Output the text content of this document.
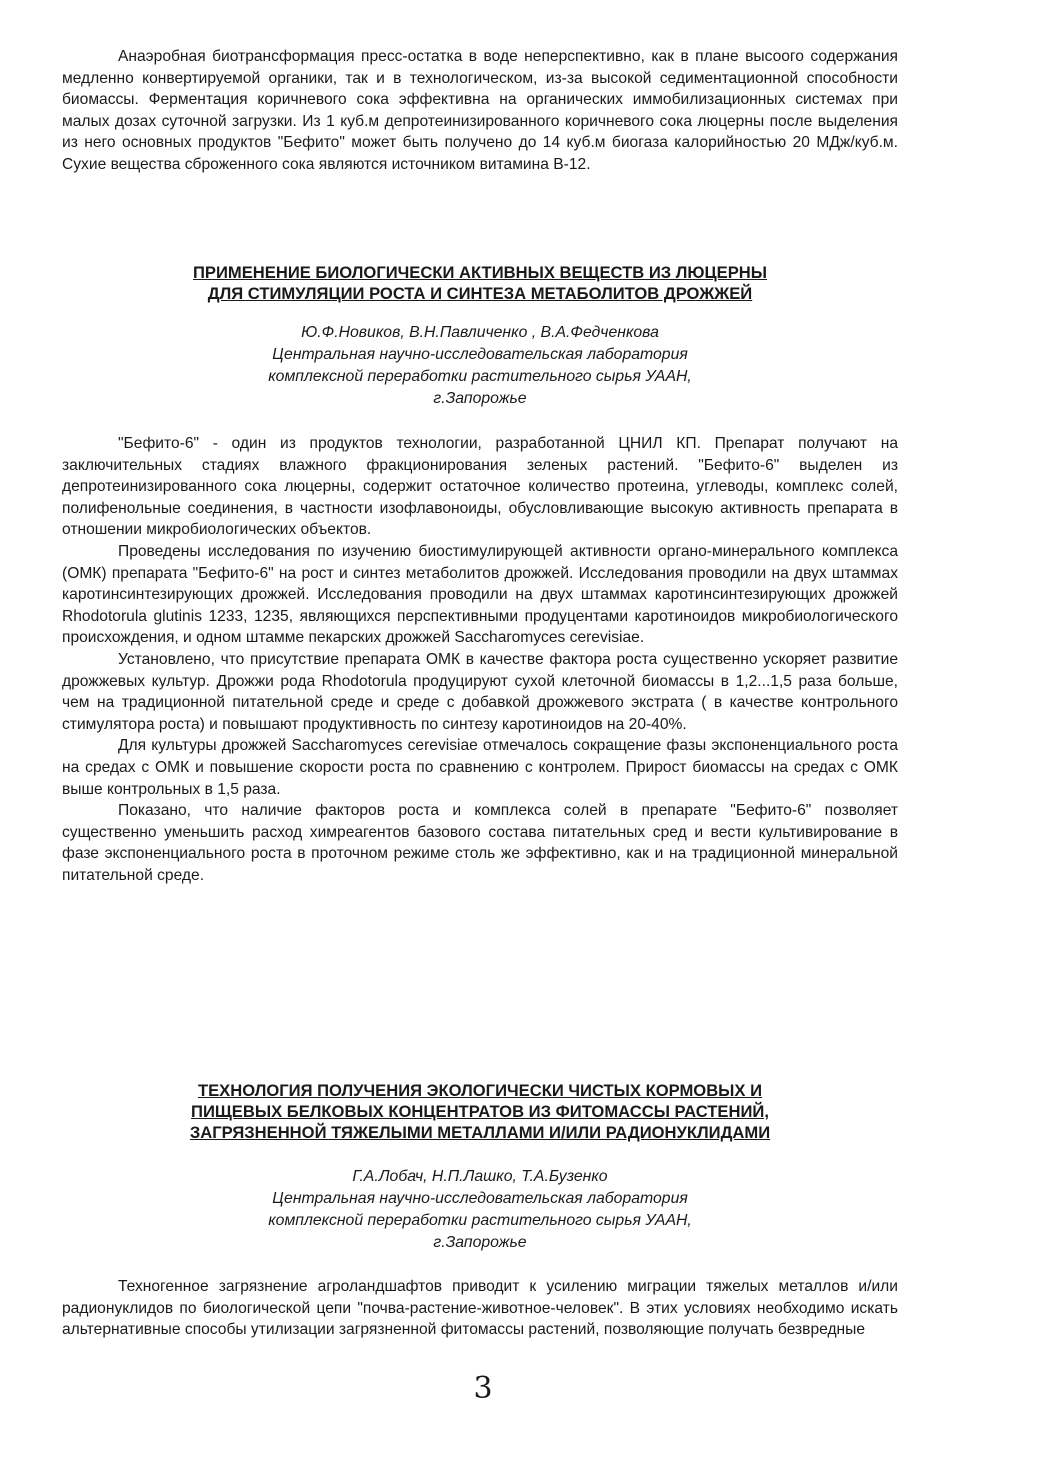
Анаэробная биотрансформация пресс-остатка в воде неперспективно, как в плане высоого содержания медленно конвертируемой органики, так и в технологическом, из-за высокой седиментационной способности биомассы. Ферментация коричневого сока эффективна на органических иммобилизационных системах при малых дозах суточной загрузки. Из 1 куб.м депротеинизированного коричневого сока люцерны после выделения из него основных продуктов "Бефито" может быть получено до 14 куб.м биогаза калорийностью 20 МДж/куб.м. Сухие вещества сброженного сока являются источником витамина В-12.

ПРИМЕНЕНИЕ БИОЛОГИЧЕСКИ АКТИВНЫХ ВЕЩЕСТВ ИЗ ЛЮЦЕРНЫ
ДЛЯ СТИМУЛЯЦИИ РОСТА И СИНТЕЗА МЕТАБОЛИТОВ ДРОЖЖЕЙ
Ю.Ф.Новиков, В.Н.Павличенко , В.А.Федченкова
Центральная научно-исследовательская лаборатория
комплексной переработки растительного сырья УААН,
г.Запорожье

"Бефито-6" - один из продуктов технологии, разработанной ЦНИЛ КП. Препарат получают на заключительных стадиях влажного фракционирования зеленых растений. "Бефито-6" выделен из депротеинизированного сока люцерны, содержит остаточное количество протеина, углеводы, комплекс солей, полифенольные соединения, в частности изофлавоноиды, обусловливающие высокую активность препарата в отношении микробиологических объектов.

Проведены исследования по изучению биостимулирующей активности органо-минерального комплекса (ОМК) препарата "Бефито-6" на рост и синтез метаболитов дрожжей. Исследования проводили на двух штаммах каротинсинтезирующих дрожжей. Исследования проводили на двух штаммах каротинсинтезирующих дрожжей Rhodotorula glutinis 1233, 1235, являющихся перспективными продуцентами каротиноидов микробиологического происхождения, и одном штамме пекарских дрожжей Saccharomyces cerevisiae.

Установлено, что присутствие препарата ОМК в качестве фактора роста существенно ускоряет развитие дрожжевых культур. Дрожжи рода Rhodotorula продуцируют сухой клеточной биомассы в 1,2...1,5 раза больше, чем на традиционной питательной среде и среде с добавкой дрожжевого экстрата ( в качестве контрольного стимулятора роста) и повышают продуктивность по синтезу каротиноидов на 20-40%.

Для культуры дрожжей Saccharomyces cerevisiae отмечалось сокращение фазы экспоненциального роста на средах с ОМК и повышение скорости роста по сравнению с контролем. Прирост биомассы на средах с ОМК выше контрольных в 1,5 раза.

Показано, что наличие факторов роста и комплекса солей в препарате "Бефито-6" позволяет существенно уменьшить расход химреагентов базового состава питательных сред и вести культивирование в фазе экспоненциального роста в проточном режиме столь же эффективно, как и на традиционной минеральной питательной среде.

ТЕХНОЛОГИЯ ПОЛУЧЕНИЯ ЭКОЛОГИЧЕСКИ ЧИСТЫХ КОРМОВЫХ И
ПИЩЕВЫХ БЕЛКОВЫХ КОНЦЕНТРАТОВ ИЗ ФИТОМАССЫ РАСТЕНИЙ,
ЗАГРЯЗНЕННОЙ ТЯЖЕЛЫМИ МЕТАЛЛАМИ И/ИЛИ РАДИОНУКЛИДАМИ
Г.А.Лобач, Н.П.Лашко, Т.А.Бузенко
Центральная научно-исследовательская лаборатория
комплексной переработки растительного сырья УААН,
г.Запорожье

Техногенное загрязнение агроландшафтов приводит к усилению миграции тяжелых металлов и/или радионуклидов по биологической цепи "почва-растение-животное-человек". В этих условиях необходимо искать альтернативные способы утилизации загрязненной фитомассы растений, позволяющие получать безвредные

3
